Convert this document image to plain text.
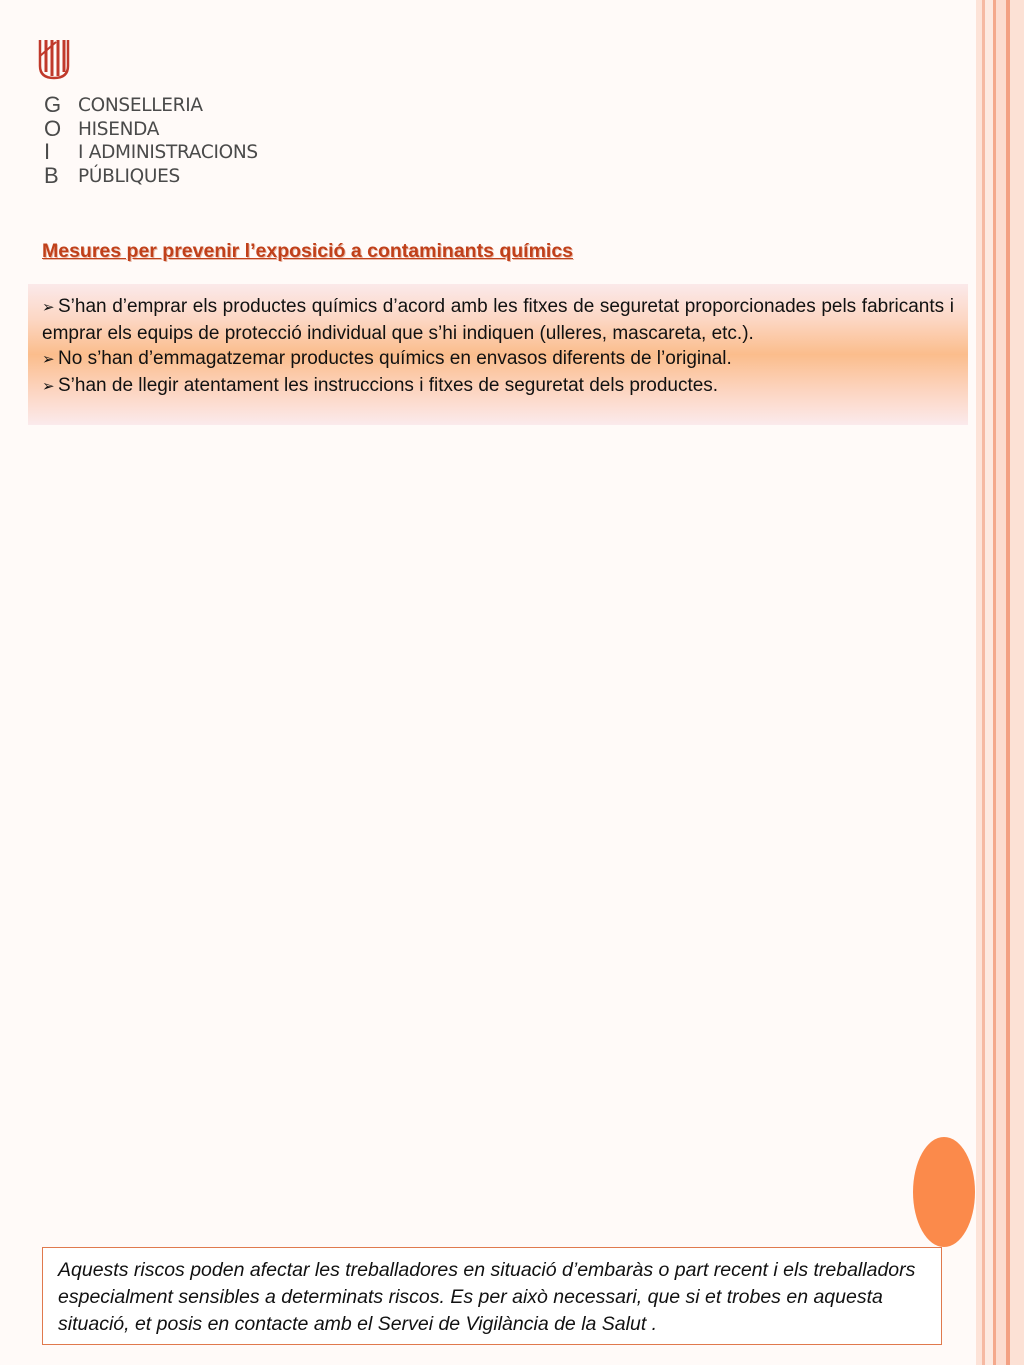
G
O
I
B
CONSELLERIA
HISENDA
I ADMINISTRACIONS
PÚBLIQUES
Mesures per prevenir l’exposició a contaminants químics

➢ S’han d’emprar els productes químics d’acord amb les fitxes de seguretat proporcionades pels fabricants i emprar els equips de protecció individual que s’hi indiquen (ulleres, mascareta, etc.).

➢ No s’han d’emmagatzemar productes químics en envasos diferents de l’original.

➢ S’han de llegir atentament les instruccions i fitxes de seguretat dels productes.

Aquests riscos poden afectar les treballadores en situació d’embaràs o part recent i els treballadors especialment sensibles a determinats riscos. Es per això necessari, que si et trobes en aquesta situació, et posis en contacte amb el Servei de Vigilància de la Salut .
